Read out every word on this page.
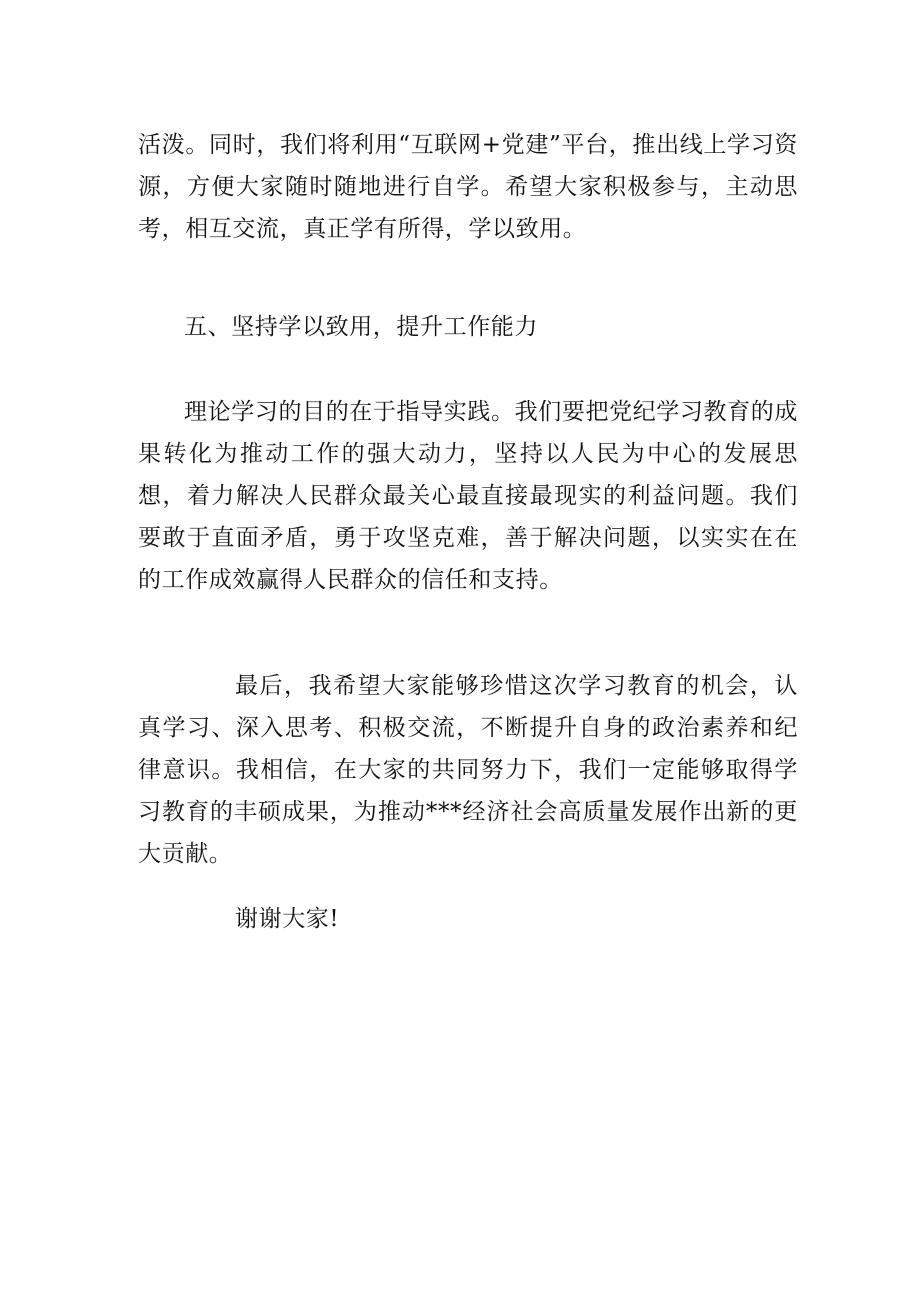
活泼。同时，我们将利用“互联网+党建”平台，推出线上学习资源，方便大家随时随地进行自学。希望大家积极参与，主动思考，相互交流，真正学有所得，学以致用。

五、坚持学以致用，提升工作能力

理论学习的目的在于指导实践。我们要把党纪学习教育的成果转化为推动工作的强大动力，坚持以人民为中心的发展思想，着力解决人民群众最关心最直接最现实的利益问题。我们要敢于直面矛盾，勇于攻坚克难，善于解决问题，以实实在在的工作成效赢得人民群众的信任和支持。

最后，我希望大家能够珍惜这次学习教育的机会，认真学习、深入思考、积极交流，不断提升自身的政治素养和纪律意识。我相信，在大家的共同努力下，我们一定能够取得学习教育的丰硕成果，为推动***经济社会高质量发展作出新的更大贡献。

谢谢大家!
